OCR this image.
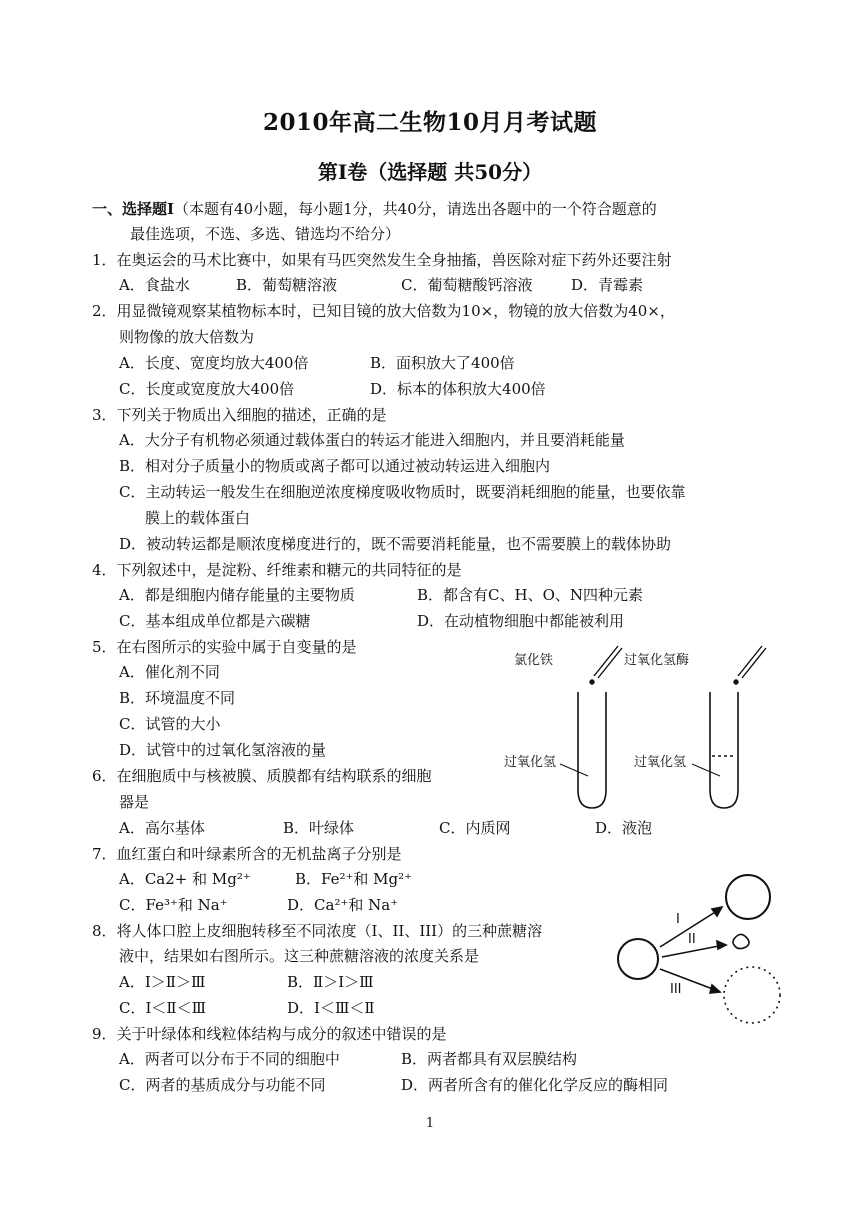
2010年高二生物10月月考试题
第Ⅰ卷（选择题 共50分）
一、选择题Ⅰ（本题有40小题，每小题1分，共40分，请选出各题中的一个符合题意的
最佳选项，不选、多选、错选均不给分）
1．在奥运会的马术比赛中，如果有马匹突然发生全身抽搐，兽医除对症下药外还要注射
A．食盐水	B．葡萄糖溶液	C．葡萄糖酸钙溶液	D．青霉素
2．用显微镜观察某植物标本时，已知目镜的放大倍数为10×，物镜的放大倍数为40×，
则物像的放大倍数为
A．长度、宽度均放大400倍	B．面积放大了400倍
C．长度或宽度放大400倍	D．标本的体积放大400倍
3．下列关于物质出入细胞的描述，正确的是
A．大分子有机物必须通过载体蛋白的转运才能进入细胞内，并且要消耗能量
B．相对分子质量小的物质或离子都可以通过被动转运进入细胞内
C．主动转运一般发生在细胞逆浓度梯度吸收物质时，既要消耗细胞的能量，也要依靠
膜上的载体蛋白
D．被动转运都是顺浓度梯度进行的，既不需要消耗能量，也不需要膜上的载体协助
4．下列叙述中，是淀粉、纤维素和糖元的共同特征的是
A．都是细胞内储存能量的主要物质	B．都含有C、H、O、N四种元素
C．基本组成单位都是六碳糖	D．在动植物细胞中都能被利用
5．在右图所示的实验中属于自变量的是
A．催化剂不同
B．环境温度不同
C．试管的大小
D．试管中的过氧化氢溶液的量
6．在细胞质中与核被膜、质膜都有结构联系的细胞
器是
A．高尔基体	B．叶绿体	C．内质网	D．液泡
7．血红蛋白和叶绿素所含的无机盐离子分别是
A．Ca2+ 和 Mg²⁺	B．Fe²⁺和 Mg²⁺
C．Fe³⁺和 Na⁺	D．Ca²⁺和 Na⁺
8．将人体口腔上皮细胞转移至不同浓度（I、II、III）的三种蔗糖溶
液中，结果如右图所示。这三种蔗糖溶液的浓度关系是
A．Ⅰ＞Ⅱ＞Ⅲ	B．Ⅱ＞Ⅰ＞Ⅲ
C．Ⅰ＜Ⅱ＜Ⅲ	D．Ⅰ＜Ⅲ＜Ⅱ
9．关于叶绿体和线粒体结构与成分的叙述中错误的是
A．两者可以分布于不同的细胞中	B．两者都具有双层膜结构
C．两者的基质成分与功能不同	D．两者所含有的催化化学反应的酶相同
氯化铁	过氧化氢酶
过氧化氢	过氧化氢
I
II
III
1
